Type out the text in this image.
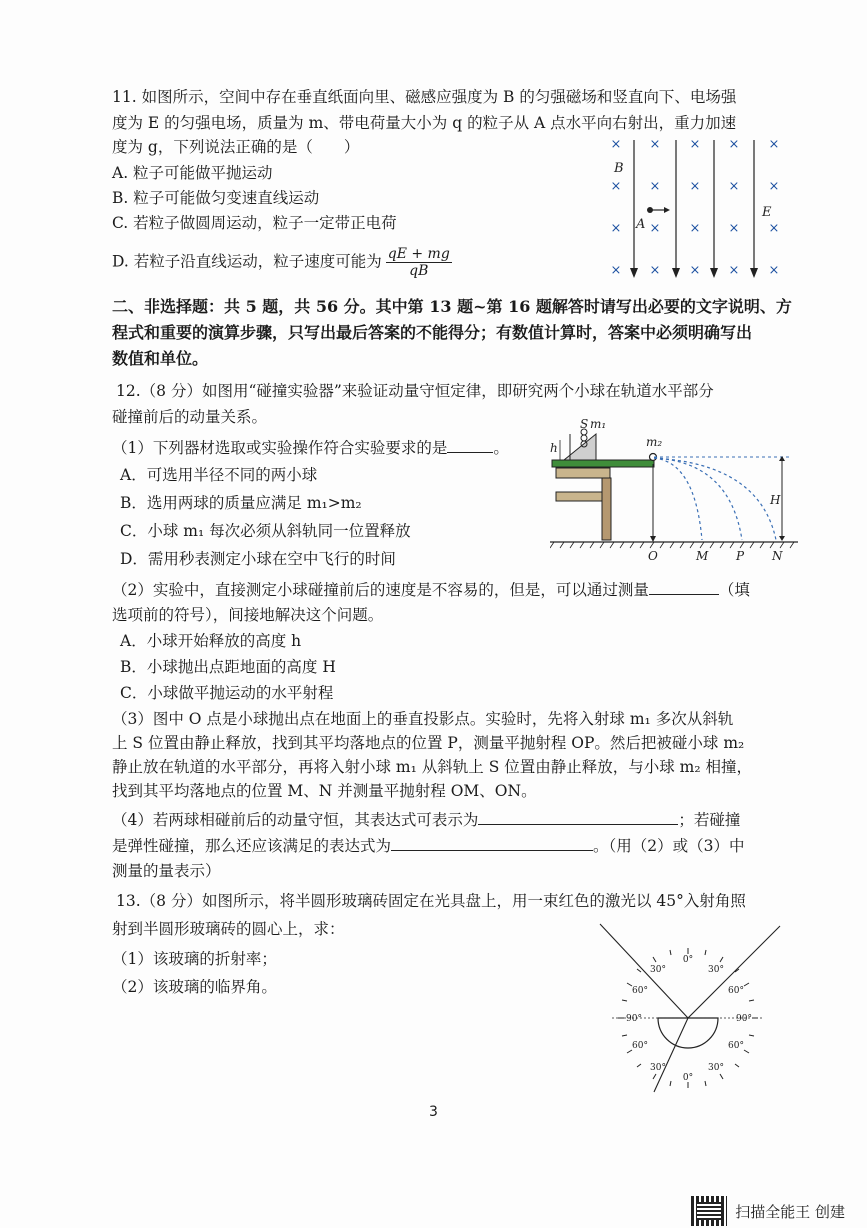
11. 如图所示，空间中存在垂直纸面向里、磁感应强度为 B 的匀强磁场和竖直向下、电场强
度为 E 的匀强电场，质量为 m、带电荷量大小为 q 的粒子从 A 点水平向右射出，重力加速
度为 g，下列说法正确的是（　　）
A. 粒子可能做平抛运动
B. 粒子可能做匀变速直线运动
C. 若粒子做圆周运动，粒子一定带正电荷
D. 若粒子沿直线运动，粒子速度可能为 $\frac{qE + mg}{qB}$
× × × × ×
× × × × ×
× × × × ×
× × × × ×
B
A
E
二、非选择题：共 5 题，共 56 分。其中第 13 题~第 16 题解答时请写出必要的文字说明、方
程式和重要的演算步骤，只写出最后答案的不能得分；有数值计算时，答案中必须明确写出
数值和单位。
12.（8 分）如图用“碰撞实验器”来验证动量守恒定律，即研究两个小球在轨道水平部分
碰撞前后的动量关系。
（1）下列器材选取或实验操作符合实验要求的是	。
A．可选用半径不同的两小球
B．选用两球的质量应满足 m₁>m₂
C．小球 m₁ 每次必须从斜轨同一位置释放
D．需用秒表测定小球在空中飞行的时间
S m₁
h	m₂
H
O	M P N
（2）实验中，直接测定小球碰撞前后的速度是不容易的，但是，可以通过测量	（填
选项前的符号），间接地解决这个问题。
A．小球开始释放的高度 h
B．小球抛出点距地面的高度 H
C．小球做平抛运动的水平射程
（3）图中 O 点是小球抛出点在地面上的垂直投影点。实验时，先将入射球 m₁ 多次从斜轨
上 S 位置由静止释放，找到其平均落地点的位置 P，测量平抛射程 OP。然后把被碰小球 m₂
静止放在轨道的水平部分，再将入射小球 m₁ 从斜轨上 S 位置由静止释放，与小球 m₂ 相撞，
找到其平均落地点的位置 M、N 并测量平抛射程 OM、ON。
（4）若两球相碰前后的动量守恒，其表达式可表示为	；若碰撞
是弹性碰撞，那么还应该满足的表达式为	。（用（2）或（3）中
测量的量表示）
13.（8 分）如图所示，将半圆形玻璃砖固定在光具盘上，用一束红色的激光以 45°入射角照
射到半圆形玻璃砖的圆心上，求：
（1）该玻璃的折射率；
（2）该玻璃的临界角。
0°
0°
30°	30°
30°	30°
60°	60°
60°	60°
90°	90°
3
扫描全能王 创建
